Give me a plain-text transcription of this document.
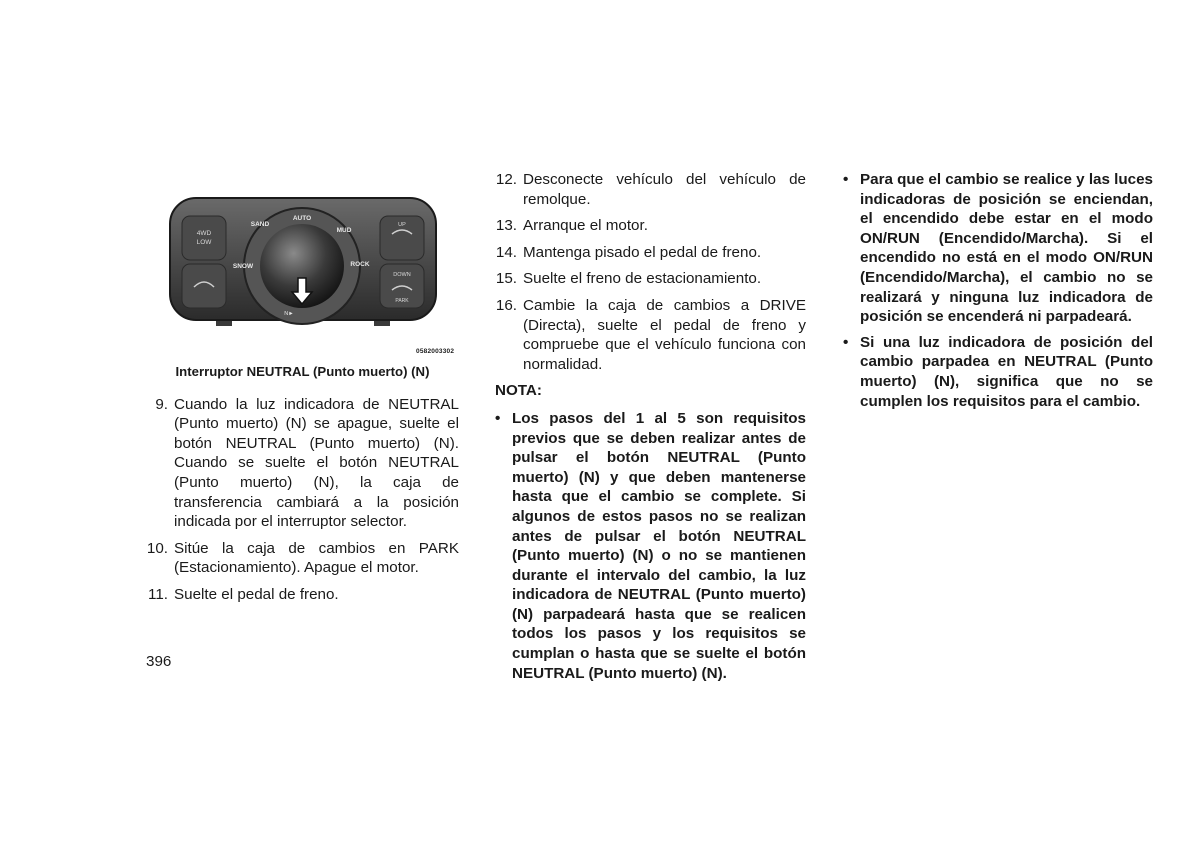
4WD
LOW
UP
DOWN
PARK
AUTO
SAND
MUD
SNOW	ROCK
N►
0582003302
Interruptor NEUTRAL (Punto muerto) (N)
9. Cuando la luz indicadora de NEUTRAL (Punto muerto) (N) se apague, suelte el botón NEUTRAL (Punto muerto) (N). Cuando se suelte el botón NEUTRAL (Punto muerto) (N), la caja de transferencia cambiará a la posición indicada por el interruptor selector.
10. Sitúe la caja de cambios en PARK (Estacionamiento). Apague el motor.
11. Suelte el pedal de freno.
12. Desconecte vehículo del vehículo de remolque.
13. Arranque el motor.
14. Mantenga pisado el pedal de freno.
15. Suelte el freno de estacionamiento.
16. Cambie la caja de cambios a DRIVE (Directa), suelte el pedal de freno y compruebe que el vehículo funciona con normalidad.
NOTA:
• Los pasos del 1 al 5 son requisitos previos que se deben realizar antes de pulsar el botón NEUTRAL (Punto muerto) (N) y que deben mantenerse hasta que el cambio se complete. Si algunos de estos pasos no se realizan antes de pulsar el botón NEUTRAL (Punto muerto) (N) o no se mantienen durante el intervalo del cambio, la luz indicadora de NEUTRAL (Punto muerto) (N) parpadeará hasta que se realicen todos los pasos y los requisitos se cumplan o hasta que se suelte el botón NEUTRAL (Punto muerto) (N).
• Para que el cambio se realice y las luces indicadoras de posición se enciendan, el encendido debe estar en el modo ON/RUN (Encendido/Marcha). Si el encendido no está en el modo ON/RUN (Encendido/Marcha), el cambio no se realizará y ninguna luz indicadora de posición se encenderá ni parpadeará.
• Si una luz indicadora de posición del cambio parpadea en NEUTRAL (Punto muerto) (N), significa que no se cumplen los requisitos para el cambio.
396
